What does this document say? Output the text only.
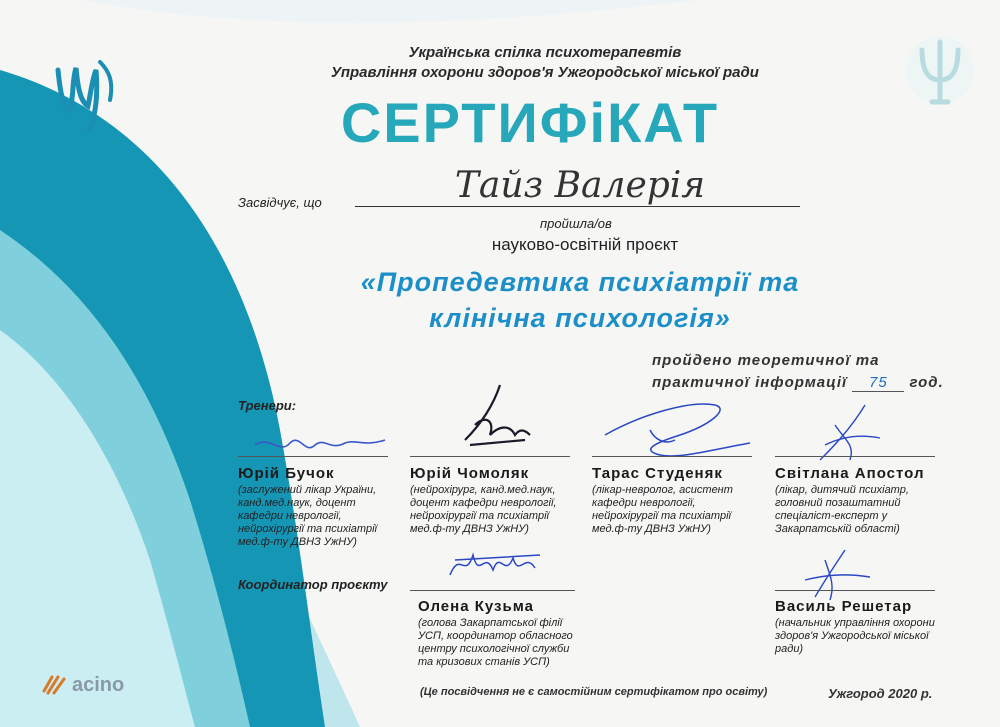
Українська спілка психотерапевтів
Управління охорони здоров'я Ужгородської міської ради
СЕРТИФіКАТ
Засвідчує, що	Тайз Валерія
пройшла/ов
науково-освітній проєкт
«Пропедевтика психіатрії та
клінічна психологія»
пройдено теоретичної та
практичної інформації 75 год.
Тренери:
Юрій Бучок
(заслужений лікар України, канд.мед.наук, доцент кафедри неврології, нейрохірургії та психіатрії мед.ф-ту ДВНЗ УжНУ)
Юрій Чомоляк
(нейрохірург, канд.мед.наук, доцент кафедри неврології, нейрохірургії та психіатрії мед.ф-ту ДВНЗ УжНУ)
Тарас Студеняк
(лікар-невролог, асистент кафедри неврології, нейрохірургії та психіатрії мед.ф-ту ДВНЗ УжНУ)
Світлана Апостол
(лікар, дитячий психіатр, головний позаштатний спеціаліст-експерт у Закарпатській області)
Координатор проєкту
Олена Кузьма
(голова Закарпатської філії УСП, координатор обласного центру психологічної служби та кризових станів УСП)
Василь Решетар
(начальник управління охорони здоров'я Ужгородської міської ради)
acino	(Це посвідчення не є самостійним сертифікатом про освіту)	Ужгород 2020 р.
